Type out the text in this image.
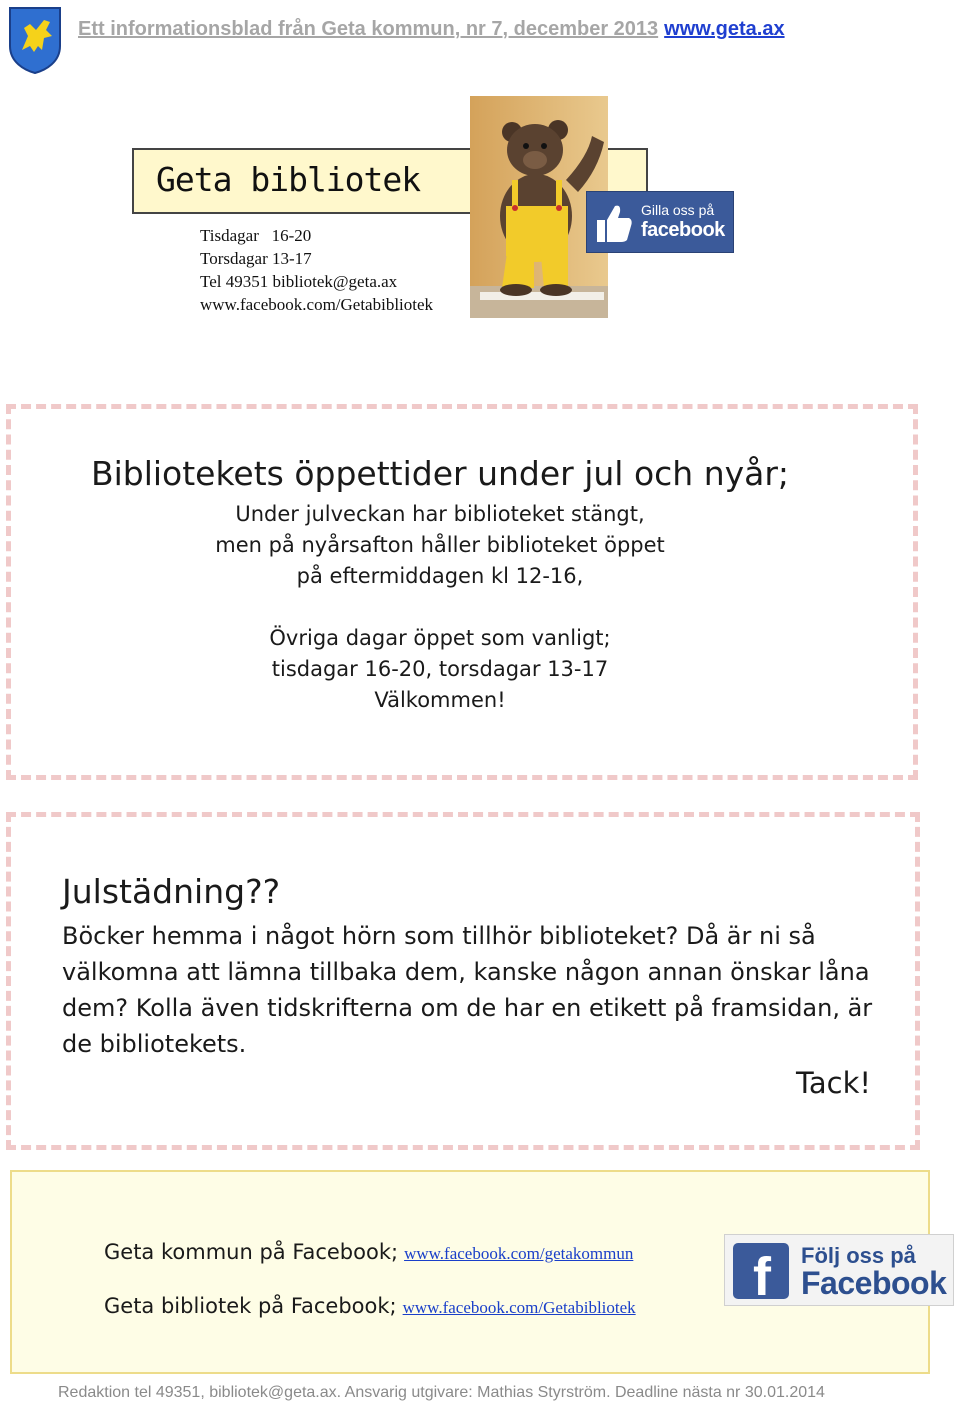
Ett informationsblad från Geta kommun, nr 7, december 2013 www.geta.ax
Geta bibliotek
Tisdagar   16-20
Torsdagar 13-17
Tel 49351 bibliotek@geta.ax
www.facebook.com/Getabibliotek
Gilla oss på
facebook
Bibliotekets öppettider under jul och nyår;
Under julveckan har biblioteket stängt,
men på nyårsafton håller biblioteket öppet
på eftermiddagen kl 12-16,
Övriga dagar öppet som vanligt;
tisdagar 16-20, torsdagar 13-17
Välkommen!
Julstädning??
Böcker hemma i något hörn som tillhör biblioteket? Då är ni så välkomna att lämna tillbaka dem, kanske någon annan önskar låna dem? Kolla även tidskrifterna om de har en etikett på framsidan, är de bibliotekets.
Tack!
Geta kommun på Facebook; www.facebook.com/getakommun
Geta bibliotek på Facebook; www.facebook.com/Getabibliotek
f Följ oss på
Facebook
Redaktion tel 49351, bibliotek@geta.ax. Ansvarig utgivare: Mathias Styrström. Deadline nästa nr 30.01.2014
